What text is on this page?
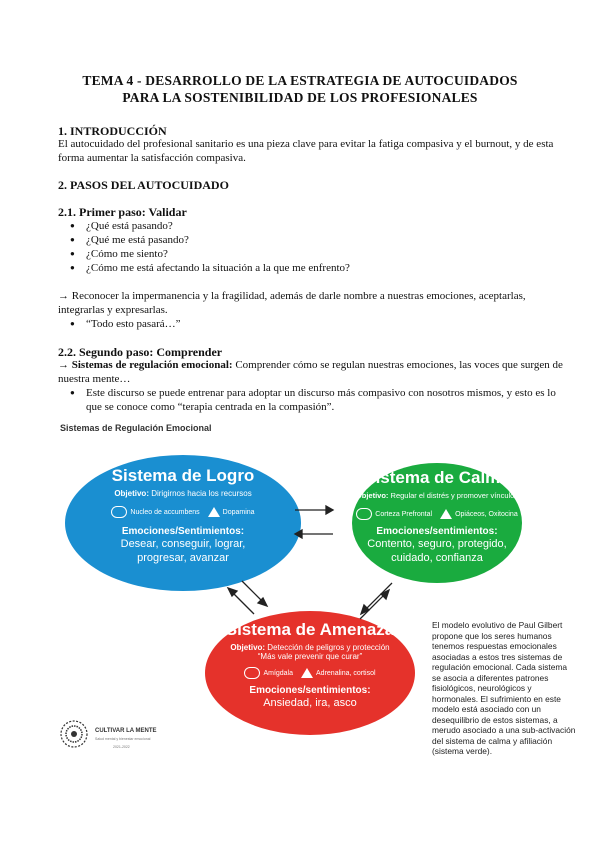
TEMA 4 - DESARROLLO DE LA ESTRATEGIA DE AUTOCUIDADOS
PARA LA SOSTENIBILIDAD DE LOS PROFESIONALES
1. INTRODUCCIÓN
El autocuidado del profesional sanitario es una pieza clave para evitar la fatiga compasiva y el burnout, y de esta forma aumentar la satisfacción compasiva.
2. PASOS DEL AUTOCUIDADO
2.1. Primer paso: Validar
● ¿Qué está pasando?
● ¿Qué me está pasando?
● ¿Cómo me siento?
● ¿Cómo me está afectando la situación a la que me enfrento?
→ Reconocer la impermanencia y la fragilidad, además de darle nombre a nuestras emociones, aceptarlas, integrarlas y expresarlas.
● “Todo esto pasará…”
2.2. Segundo paso: Comprender
→ Sistemas de regulación emocional: Comprender cómo se regulan nuestras emociones, las voces que surgen de nuestra mente…
● Este discurso se puede entrenar para adoptar un discurso más compasivo con nosotros mismos, y esto es lo que se conoce como “terapia centrada en la compasión”.
Sistemas de Regulación Emocional
Sistema de Logro
Objetivo: Dirigirnos hacia los recursos
Nucleo de accumbens	Dopamina
Emociones/Sentimientos:
Desear, conseguir, lograr,
progresar, avanzar
Sistema de Calma
Objetivo: Regular el distrés y promover vínculos
Corteza Prefrontal	Opiáceos, Oxitocina
Emociones/sentimientos:
Contento, seguro, protegido,
cuidado, confianza
Sistema de Amenaza
Objetivo: Detección de peligros y protección
“Más vale prevenir que curar”
Amígdala	Adrenalina, cortisol
Emociones/sentimientos:
Ansiedad, ira, asco
El modelo evolutivo de Paul Gilbert propone que los seres humanos tenemos respuestas emocionales asociadas a estos tres sistemas de regulación emocional. Cada sistema se asocia a diferentes patrones fisiológicos, neurológicos y hormonales. El sufrimiento en este modelo está asociado con un desequilibrio de estos sistemas, a merudo asociado a una sub-activación del sistema de calma y afiliación (sistema verde).
CULTIVAR LA MENTE
Salud mental y bienestar emocional
2021-2022
